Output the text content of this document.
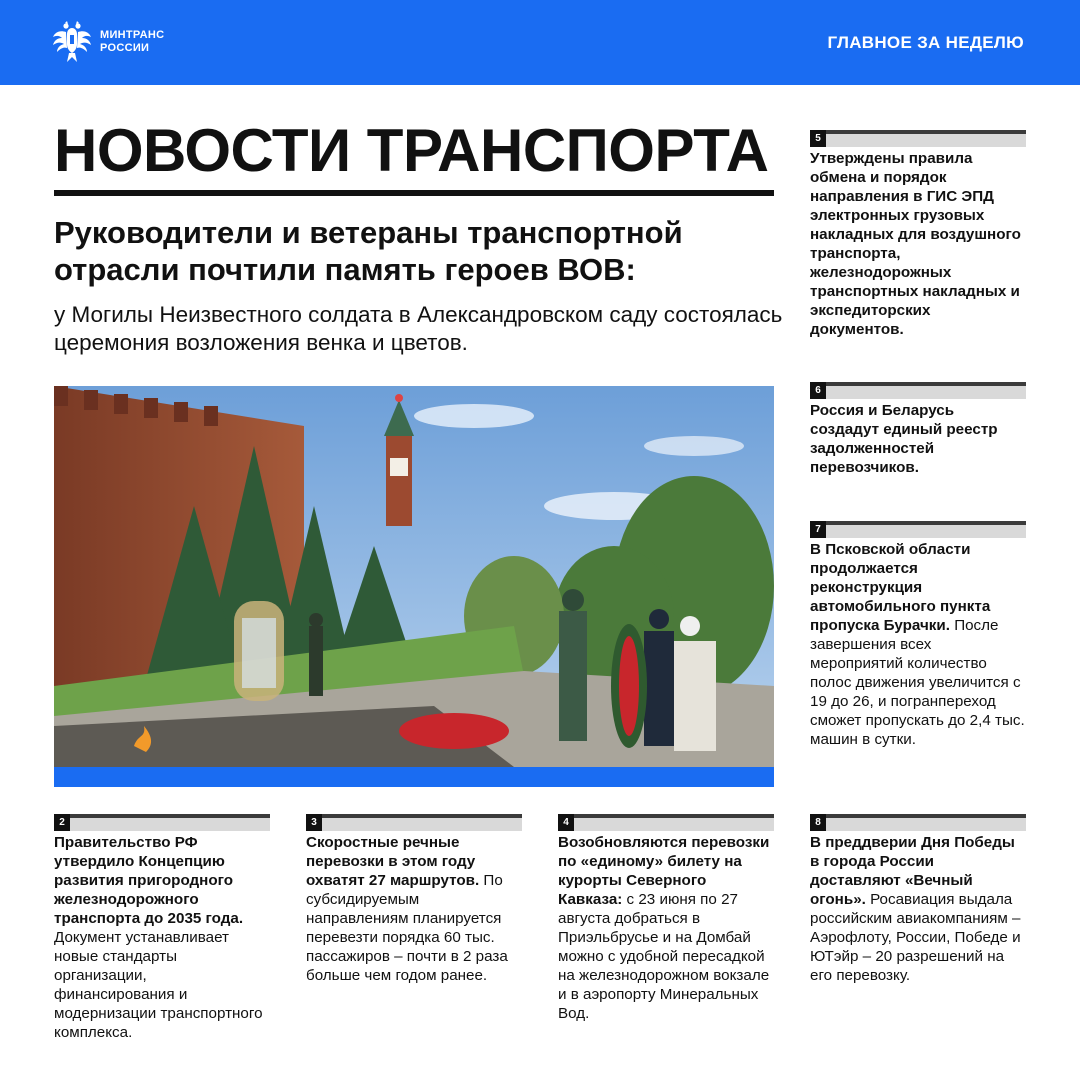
МИНТРАНС
РОССИИ	ГЛАВНОЕ ЗА НЕДЕЛЮ
НОВОСТИ ТРАНСПОРТА
Руководители и ветераны транспортной отрасли почтили память героев ВОВ:
у Могилы Неизвестного солдата в Александровском саду состоялась церемония возложения венка и цветов.
5
Утверждены правила обмена и порядок направления в ГИС ЭПД электронных грузовых накладных для воздушного транспорта, железнодорожных транспортных накладных и экспедиторских документов.
6
Россия и Беларусь создадут единый реестр задолженностей перевозчиков.
7
В Псковской области продолжается реконструкция автомобильного пункта пропуска Бурачки. После завершения всех мероприятий количество полос движения увеличится с 19 до 26, и погранпереход сможет пропускать до 2,4 тыс. машин в сутки.
2
Правительство РФ утвердило Концепцию развития пригородного железнодорожного транспорта до 2035 года. Документ устанавливает новые стандарты организации, финансирования и модернизации транспортного комплекса.
3
Скоростные речные перевозки в этом году охватят 27 маршрутов. По субсидируемым направлениям планируется перевезти порядка 60 тыс. пассажиров – почти в 2 раза больше чем годом ранее.
4
Возобновляются перевозки по «единому» билету на курорты Северного Кавказа: с 23 июня по 27 августа добраться в Приэльбрусье и на Домбай можно с удобной пересадкой на железнодорожном вокзале и в аэропорту Минеральных Вод.
8
В преддверии Дня Победы в города России доставляют «Вечный огонь». Росавиация выдала российским авиакомпаниям – Аэрофлоту, России, Победе и ЮТэйр – 20 разрешений на его перевозку.
